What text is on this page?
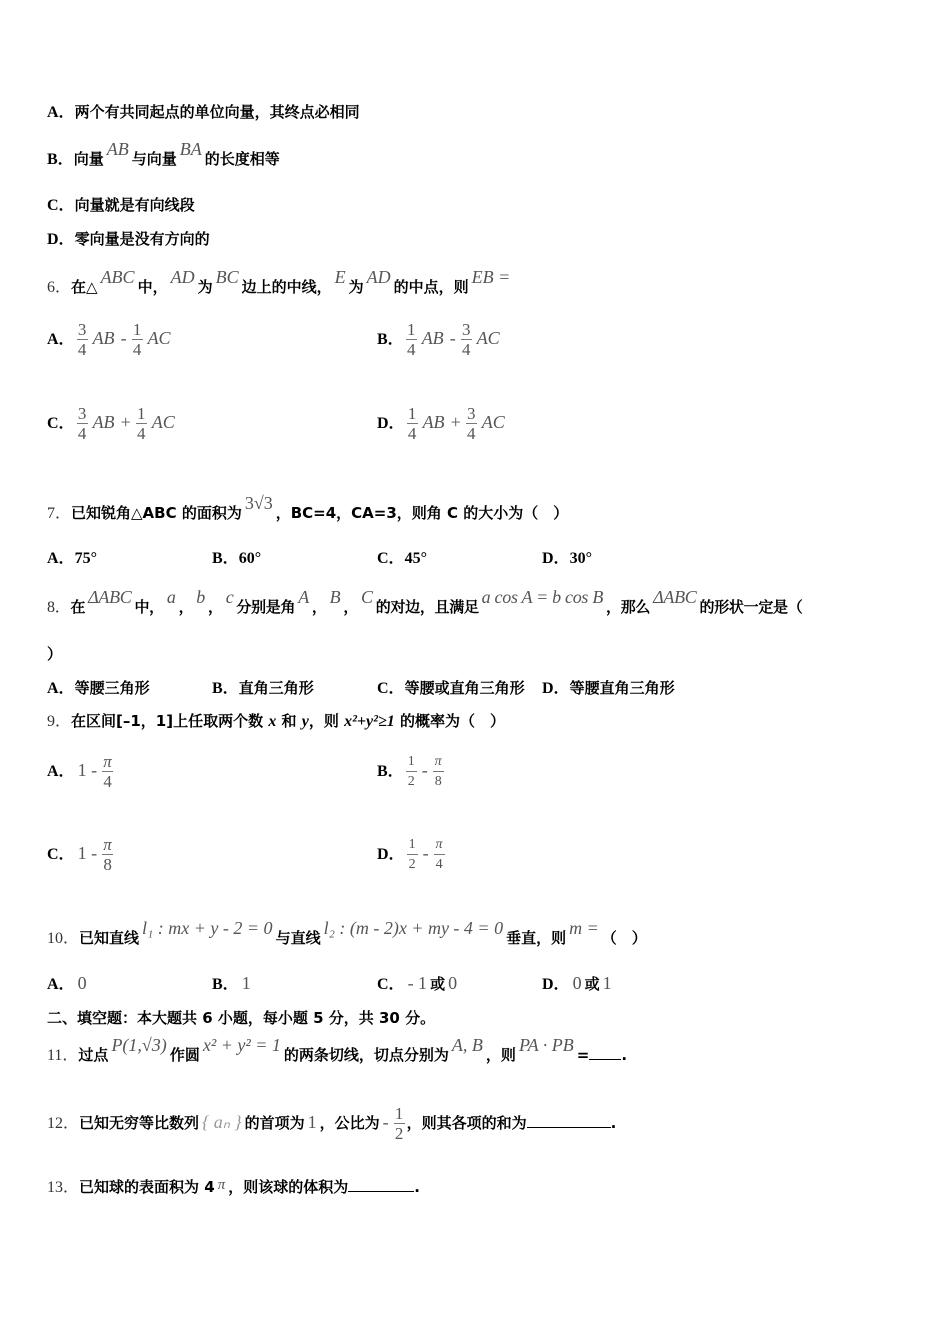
A．两个有共同起点的单位向量，其终点必相同
B．向量 AB 与向量 BA 的长度相等
C．向量就是有向线段
D．零向量是没有方向的
6．在△ ABC 中， AD 为 BC 边上的中线， E 为 AD 的中点，则 EB =
A． $\frac{3}{4}$ AB - $\frac{1}{4}$ AC	B． $\frac{1}{4}$ AB - $\frac{3}{4}$ AC
C． $\frac{3}{4}$ AB + $\frac{1}{4}$ AC	D． $\frac{1}{4}$ AB + $\frac{3}{4}$ AC
7．已知锐角△ABC 的面积为 3√3 ，BC=4，CA=3，则角 C 的大小为（　）
A．75°	B．60°	C．45°	D．30°
8．在 ΔABC 中， a ， b ， c 分别是角 A ， B ， C 的对边，且满足 a cos A = b cos B ，那么 ΔABC 的形状一定是（
）
A．等腰三角形	B．直角三角形	C．等腰或直角三角形 D．等腰直角三角形
9．在区间[–1，1]上任取两个数 x 和 y，则 x²+y²≥1 的概率为（　）
A． $1 - \frac{\pi}{4}$	B． $\frac{1}{2} - \frac{\pi}{8}$
C． $1 - \frac{\pi}{8}$	D． $\frac{1}{2} - \frac{\pi}{4}$
10．已知直线 l₁ : mx + y - 2 = 0 与直线 l₂ : (m - 2)x + my - 4 = 0 垂直，则 m = （　）
A． 0	B． 1	C． - 1 或 0	D． 0 或 1
二、填空题：本大题共 6 小题，每小题 5 分，共 30 分。
11．过点 P(1,√3) 作圆 x² + y² = 1 的两条切线，切点分别为 A, B ，则 PA · PB = .
12．已知无穷等比数列 { aₙ } 的首项为 1 ，公比为 - $\frac{1}{2}$ ，则其各项的和为	.
13．已知球的表面积为 4 π ，则该球的体积为	.
